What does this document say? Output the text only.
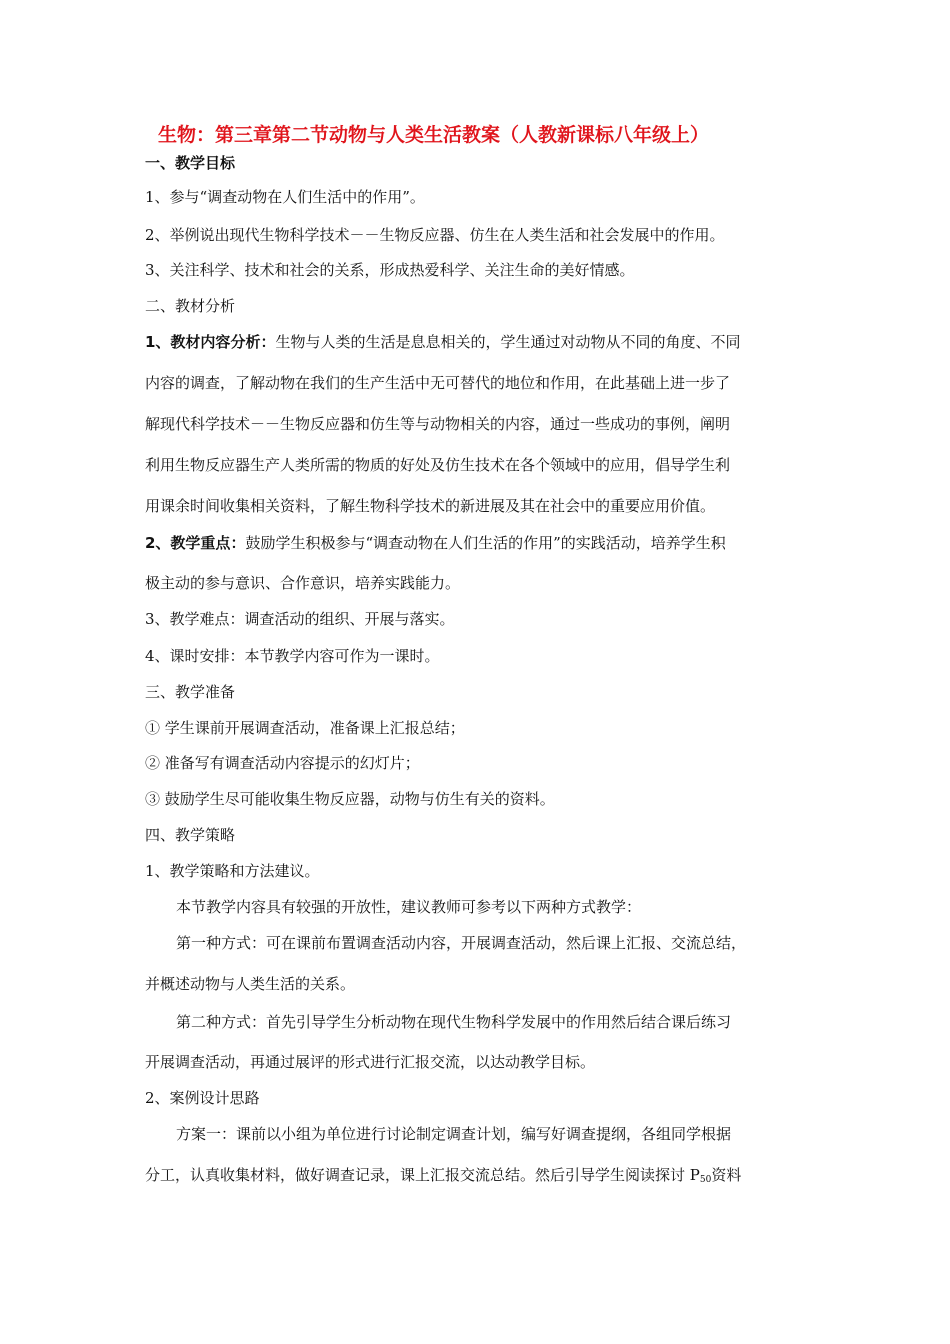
生物：第三章第二节动物与人类生活教案（人教新课标八年级上）
一、教学目标
1、参与“调查动物在人们生活中的作用”。
2、举例说出现代生物科学技术－－生物反应器、仿生在人类生活和社会发展中的作用。
3、关注科学、技术和社会的关系，形成热爱科学、关注生命的美好情感。
二、教材分析
1、教材内容分析：生物与人类的生活是息息相关的，学生通过对动物从不同的角度、不同
内容的调查，了解动物在我们的生产生活中无可替代的地位和作用，在此基础上进一步了
解现代科学技术－－生物反应器和仿生等与动物相关的内容，通过一些成功的事例，阐明
利用生物反应器生产人类所需的物质的好处及仿生技术在各个领域中的应用，倡导学生利
用课余时间收集相关资料，了解生物科学技术的新进展及其在社会中的重要应用价值。
2、教学重点：鼓励学生积极参与“调查动物在人们生活的作用”的实践活动，培养学生积
极主动的参与意识、合作意识，培养实践能力。
3、教学难点：调查活动的组织、开展与落实。
4、课时安排：本节教学内容可作为一课时。
三、教学准备
① 学生课前开展调查活动，准备课上汇报总结；
② 准备写有调查活动内容提示的幻灯片；
③ 鼓励学生尽可能收集生物反应器，动物与仿生有关的资料。
四、教学策略
1、教学策略和方法建议。
本节教学内容具有较强的开放性，建议教师可参考以下两种方式教学：
第一种方式：可在课前布置调查活动内容，开展调查活动，然后课上汇报、交流总结，
并概述动物与人类生活的关系。
第二种方式：首先引导学生分析动物在现代生物科学发展中的作用然后结合课后练习
开展调查活动，再通过展评的形式进行汇报交流，以达动教学目标。
2、案例设计思路
方案一：课前以小组为单位进行讨论制定调查计划，编写好调查提纲，各组同学根据
分工，认真收集材料，做好调查记录，课上汇报交流总结。然后引导学生阅读探讨 $P_{50}$资料
